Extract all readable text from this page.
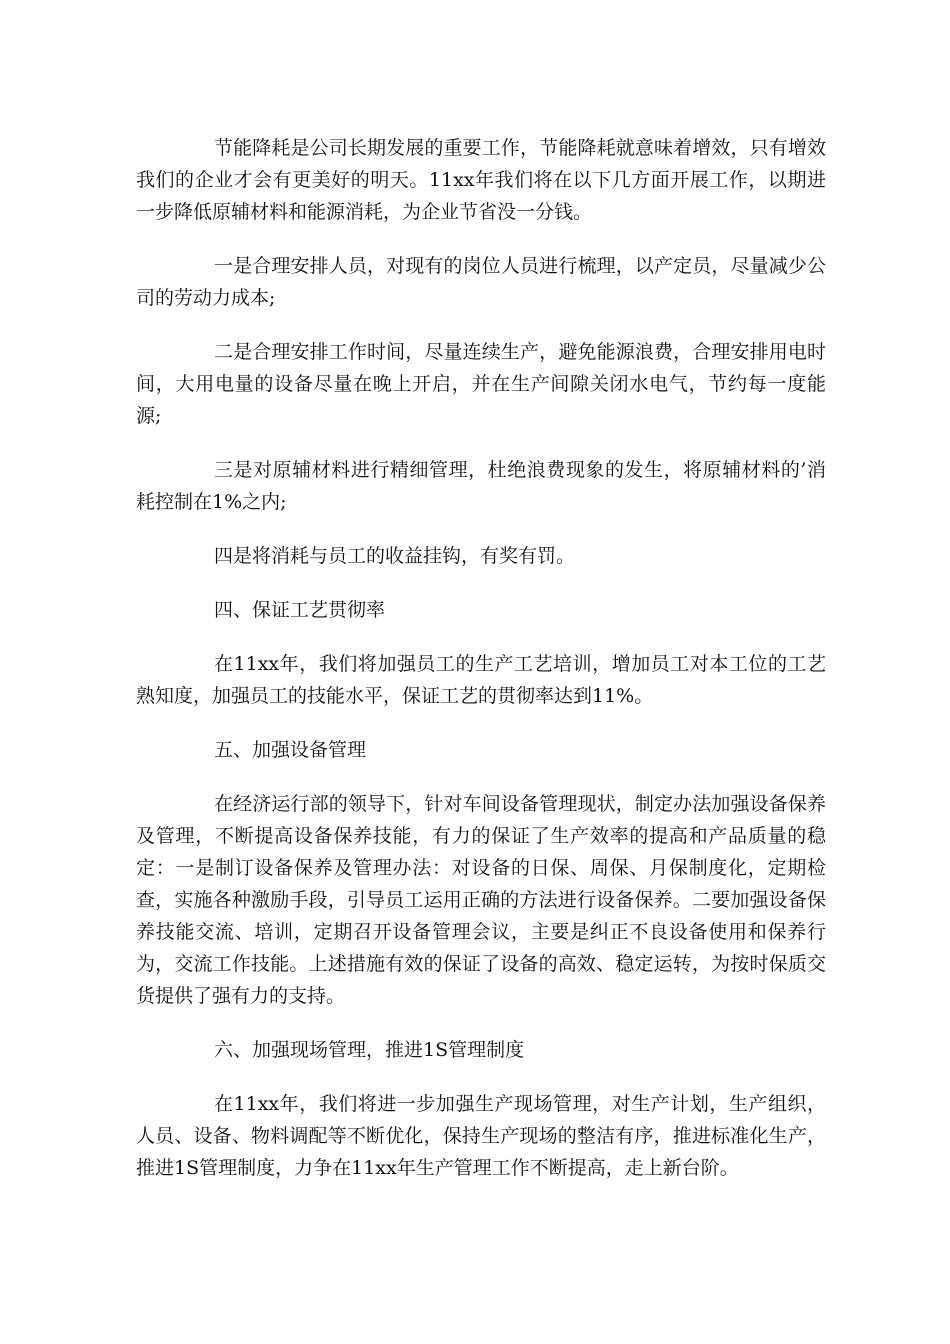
节能降耗是公司长期发展的重要工作，节能降耗就意味着增效，只有增效我们的企业才会有更美好的明天。11xx年我们将在以下几方面开展工作，以期进一步降低原辅材料和能源消耗，为企业节省没一分钱。

一是合理安排人员，对现有的岗位人员进行梳理，以产定员，尽量减少公司的劳动力成本;

二是合理安排工作时间，尽量连续生产，避免能源浪费，合理安排用电时间，大用电量的设备尽量在晚上开启，并在生产间隙关闭水电气，节约每一度能源;

三是对原辅材料进行精细管理，杜绝浪费现象的发生，将原辅材料的’消耗控制在1%之内;

四是将消耗与员工的收益挂钩，有奖有罚。

四、保证工艺贯彻率

在11xx年，我们将加强员工的生产工艺培训，增加员工对本工位的工艺熟知度，加强员工的技能水平，保证工艺的贯彻率达到11%。

五、加强设备管理

在经济运行部的领导下，针对车间设备管理现状，制定办法加强设备保养及管理，不断提高设备保养技能，有力的保证了生产效率的提高和产品质量的稳定：一是制订设备保养及管理办法：对设备的日保、周保、月保制度化，定期检查，实施各种激励手段，引导员工运用正确的方法进行设备保养。二要加强设备保养技能交流、培训，定期召开设备管理会议，主要是纠正不良设备使用和保养行为，交流工作技能。上述措施有效的保证了设备的高效、稳定运转，为按时保质交货提供了强有力的支持。

六、加强现场管理，推进1S管理制度

在11xx年，我们将进一步加强生产现场管理，对生产计划，生产组织，人员、设备、物料调配等不断优化，保持生产现场的整洁有序，推进标准化生产，推进1S管理制度，力争在11xx年生产管理工作不断提高，走上新台阶。
